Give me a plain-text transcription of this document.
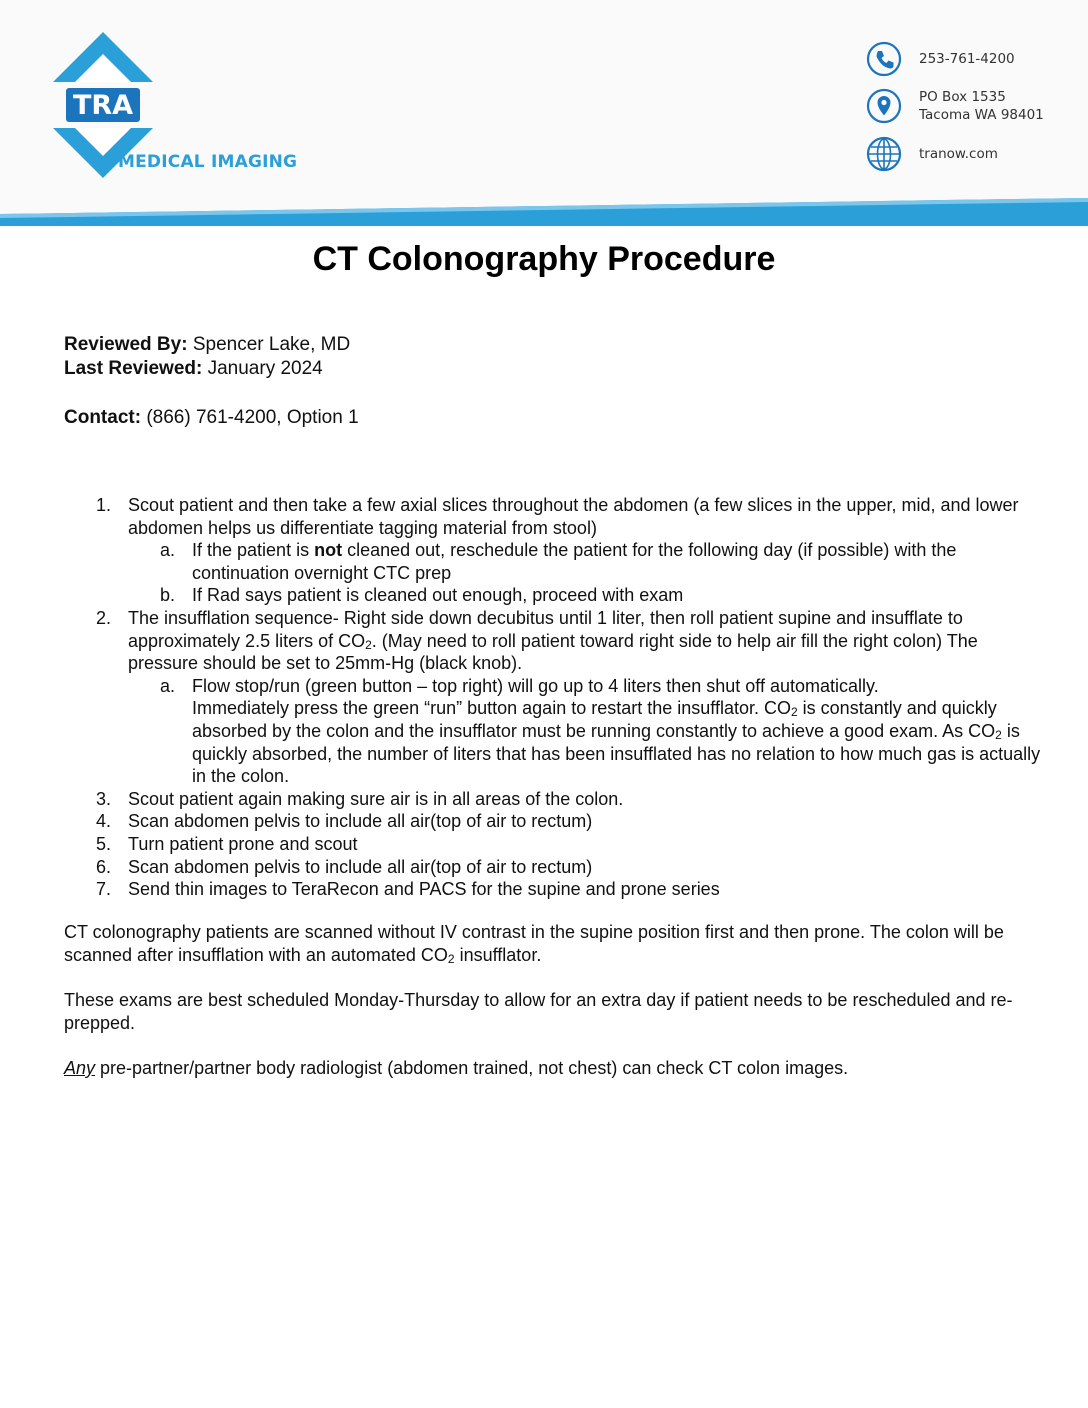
TRA
MEDICAL IMAGING
253-761-4200
PO Box 1535
Tacoma WA 98401
tranow.com
CT Colonography Procedure
Reviewed By: Spencer Lake, MD
Last Reviewed: January 2024
Contact: (866) 761-4200, Option 1
1. Scout patient and then take a few axial slices throughout the abdomen (a few slices in the upper, mid, and lower abdomen helps us differentiate tagging material from stool)
a. If the patient is not cleaned out, reschedule the patient for the following day (if possible) with the continuation overnight CTC prep
b. If Rad says patient is cleaned out enough, proceed with exam
2. The insufflation sequence- Right side down decubitus until 1 liter, then roll patient supine and insufflate to approximately 2.5 liters of $CO_2$. (May need to roll patient toward right side to help air fill the right colon) The pressure should be set to 25mm-Hg (black knob).
a. Flow stop/run (green button – top right) will go up to 4 liters then shut off automatically.
Immediately press the green “run” button again to restart the insufflator. $CO_2$ is constantly and quickly absorbed by the colon and the insufflator must be running constantly to achieve a good exam. As $CO_2$ is quickly absorbed, the number of liters that has been insufflated has no relation to how much gas is actually in the colon.
3. Scout patient again making sure air is in all areas of the colon.
4. Scan abdomen pelvis to include all air(top of air to rectum)
5. Turn patient prone and scout
6. Scan abdomen pelvis to include all air(top of air to rectum)
7. Send thin images to TeraRecon and PACS for the supine and prone series
CT colonography patients are scanned without IV contrast in the supine position first and then prone. The colon will be scanned after insufflation with an automated $CO_2$ insufflator.
These exams are best scheduled Monday-Thursday to allow for an extra day if patient needs to be rescheduled and re-prepped.
Any pre-partner/partner body radiologist (abdomen trained, not chest) can check CT colon images.
